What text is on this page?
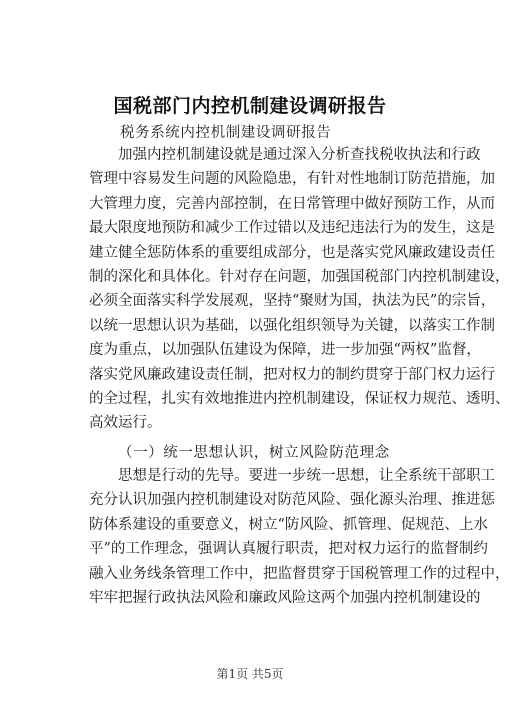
国税部门内控机制建设调研报告
税务系统内控机制建设调研报告
加强内控机制建设就是通过深入分析查找税收执法和行政
管理中容易发生问题的风险隐患，有针对性地制订防范措施，加
大管理力度，完善内部控制，在日常管理中做好预防工作，从而
最大限度地预防和减少工作过错以及违纪违法行为的发生，这是
建立健全惩防体系的重要组成部分，也是落实党风廉政建设责任
制的深化和具体化。针对存在问题，加强国税部门内控机制建设，
必须全面落实科学发展观，坚持“聚财为国，执法为民”的宗旨，
以统一思想认识为基础，以强化组织领导为关键，以落实工作制
度为重点，以加强队伍建设为保障，进一步加强“两权”监督，
落实党风廉政建设责任制，把对权力的制约贯穿于部门权力运行
的全过程，扎实有效地推进内控机制建设，保证权力规范、透明、
高效运行。
（一）统一思想认识，树立风险防范理念
思想是行动的先导。要进一步统一思想，让全系统干部职工
充分认识加强内控机制建设对防范风险、强化源头治理、推进惩
防体系建设的重要意义，树立“防风险、抓管理、促规范、上水
平”的工作理念，强调认真履行职责，把对权力运行的监督制约
融入业务线条管理工作中，把监督贯穿于国税管理工作的过程中，
牢牢把握行政执法风险和廉政风险这两个加强内控机制建设的
第1页 共5页
